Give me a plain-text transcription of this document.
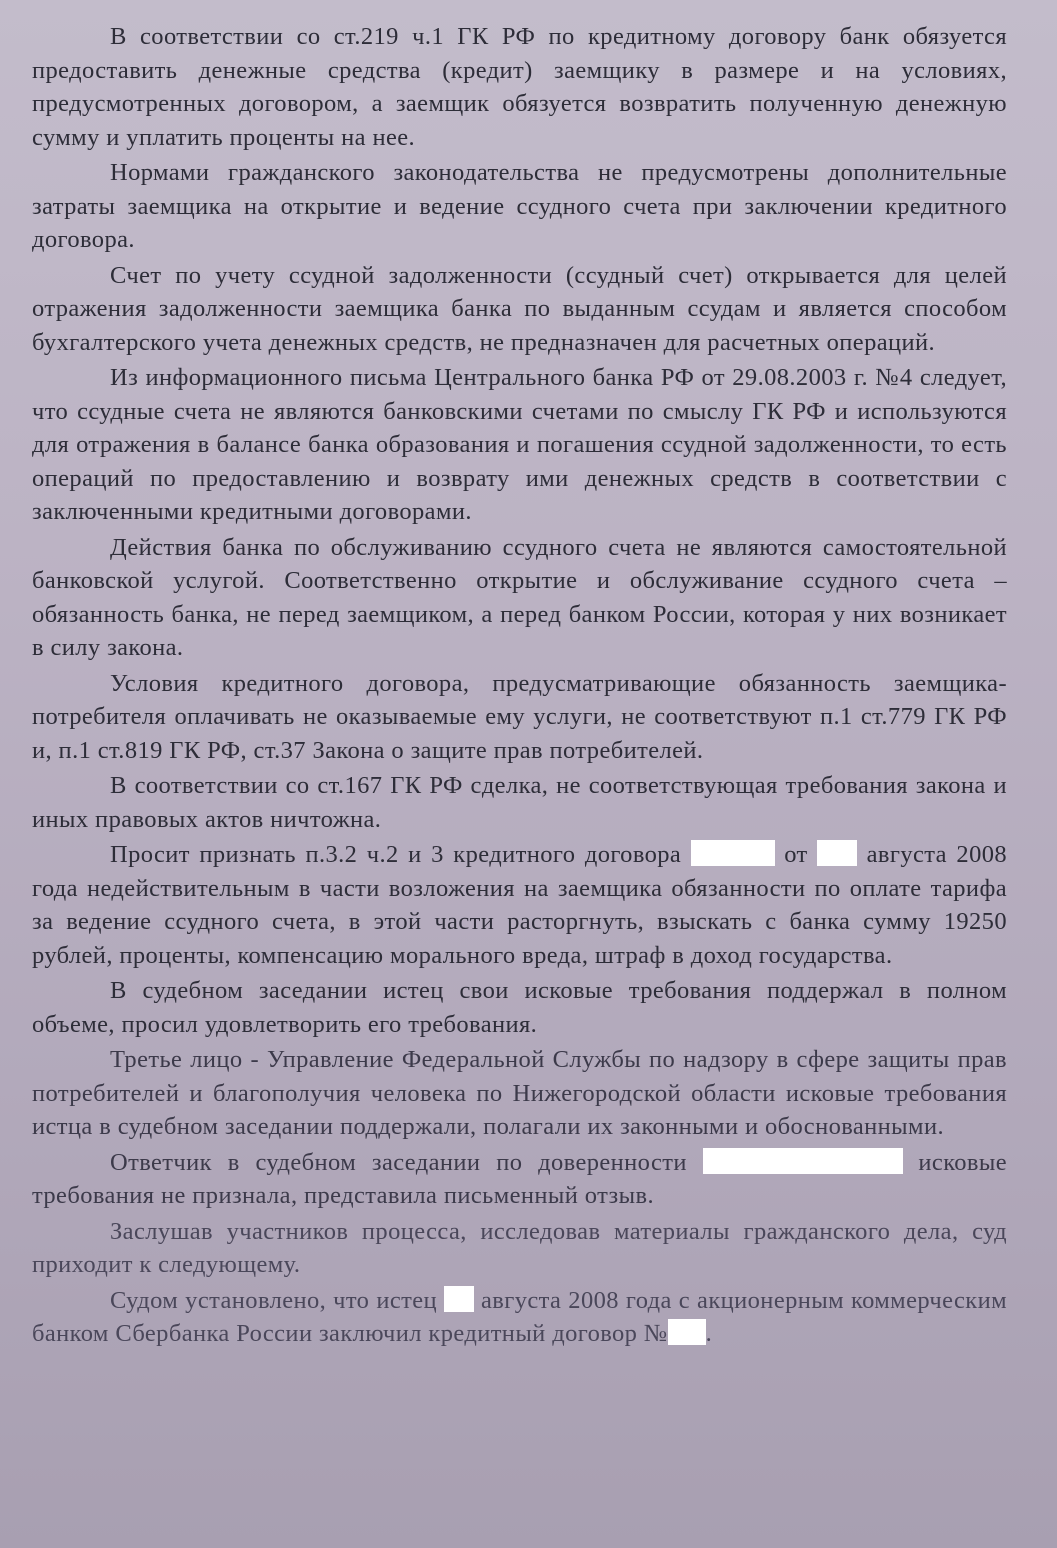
В соответствии со ст.219 ч.1 ГК РФ по кредитному договору банк обязуется предоставить денежные средства (кредит) заемщику в размере и на условиях, предусмотренных договором, а заемщик обязуется возвратить полученную денежную сумму и уплатить проценты на нее.

Нормами гражданского законодательства не предусмотрены дополнительные затраты заемщика на открытие и ведение ссудного счета при заключении кредитного договора.

Счет по учету ссудной задолженности (ссудный счет) открывается для целей отражения задолженности заемщика банка по выданным ссудам и является способом бухгалтерского учета денежных средств, не предназначен для расчетных операций.

Из информационного письма Центрального банка РФ от 29.08.2003 г. №4 следует, что ссудные счета не являются банковскими счетами по смыслу ГК РФ и используются для отражения в балансе банка образования и погашения ссудной задолженности, то есть операций по предоставлению и возврату ими денежных средств в соответствии с заключенными кредитными договорами.

Действия банка по обслуживанию ссудного счета не являются самостоятельной банковской услугой. Соответственно открытие и обслуживание ссудного счета – обязанность банка, не перед заемщиком, а перед банком России, которая у них возникает в силу закона.

Условия кредитного договора, предусматривающие обязанность заемщика-потребителя оплачивать не оказываемые ему услуги, не соответствуют п.1 ст.779 ГК РФ и, п.1 ст.819 ГК РФ, ст.37 Закона о защите прав потребителей.

В соответствии со ст.167 ГК РФ сделка, не соответствующая требования закона и иных правовых актов ничтожна.

Просит признать п.3.2 ч.2 и 3 кредитного договора	от августа 2008 года недействительным в части возложения на заемщика обязанности по оплате тарифа за ведение ссудного счета, в этой части расторгнуть, взыскать с банка сумму 19250 рублей, проценты, компенсацию морального вреда, штраф в доход государства.

В судебном заседании истец свои исковые требования поддержал в полном объеме, просил удовлетворить его требования.

Третье лицо - Управление Федеральной Службы по надзору в сфере защиты прав потребителей и благополучия человека по Нижегородской области исковые требования истца в судебном заседании поддержали, полагали их законными и обоснованными.

Ответчик в судебном заседании по доверенности	исковые требования не признала, представила письменный отзыв.

Заслушав участников процесса, исследовав материалы гражданского дела, суд приходит к следующему.

Судом установлено, что истец августа 2008 года с акционерным коммерческим банком Сбербанка России заключил кредитный договор № .
